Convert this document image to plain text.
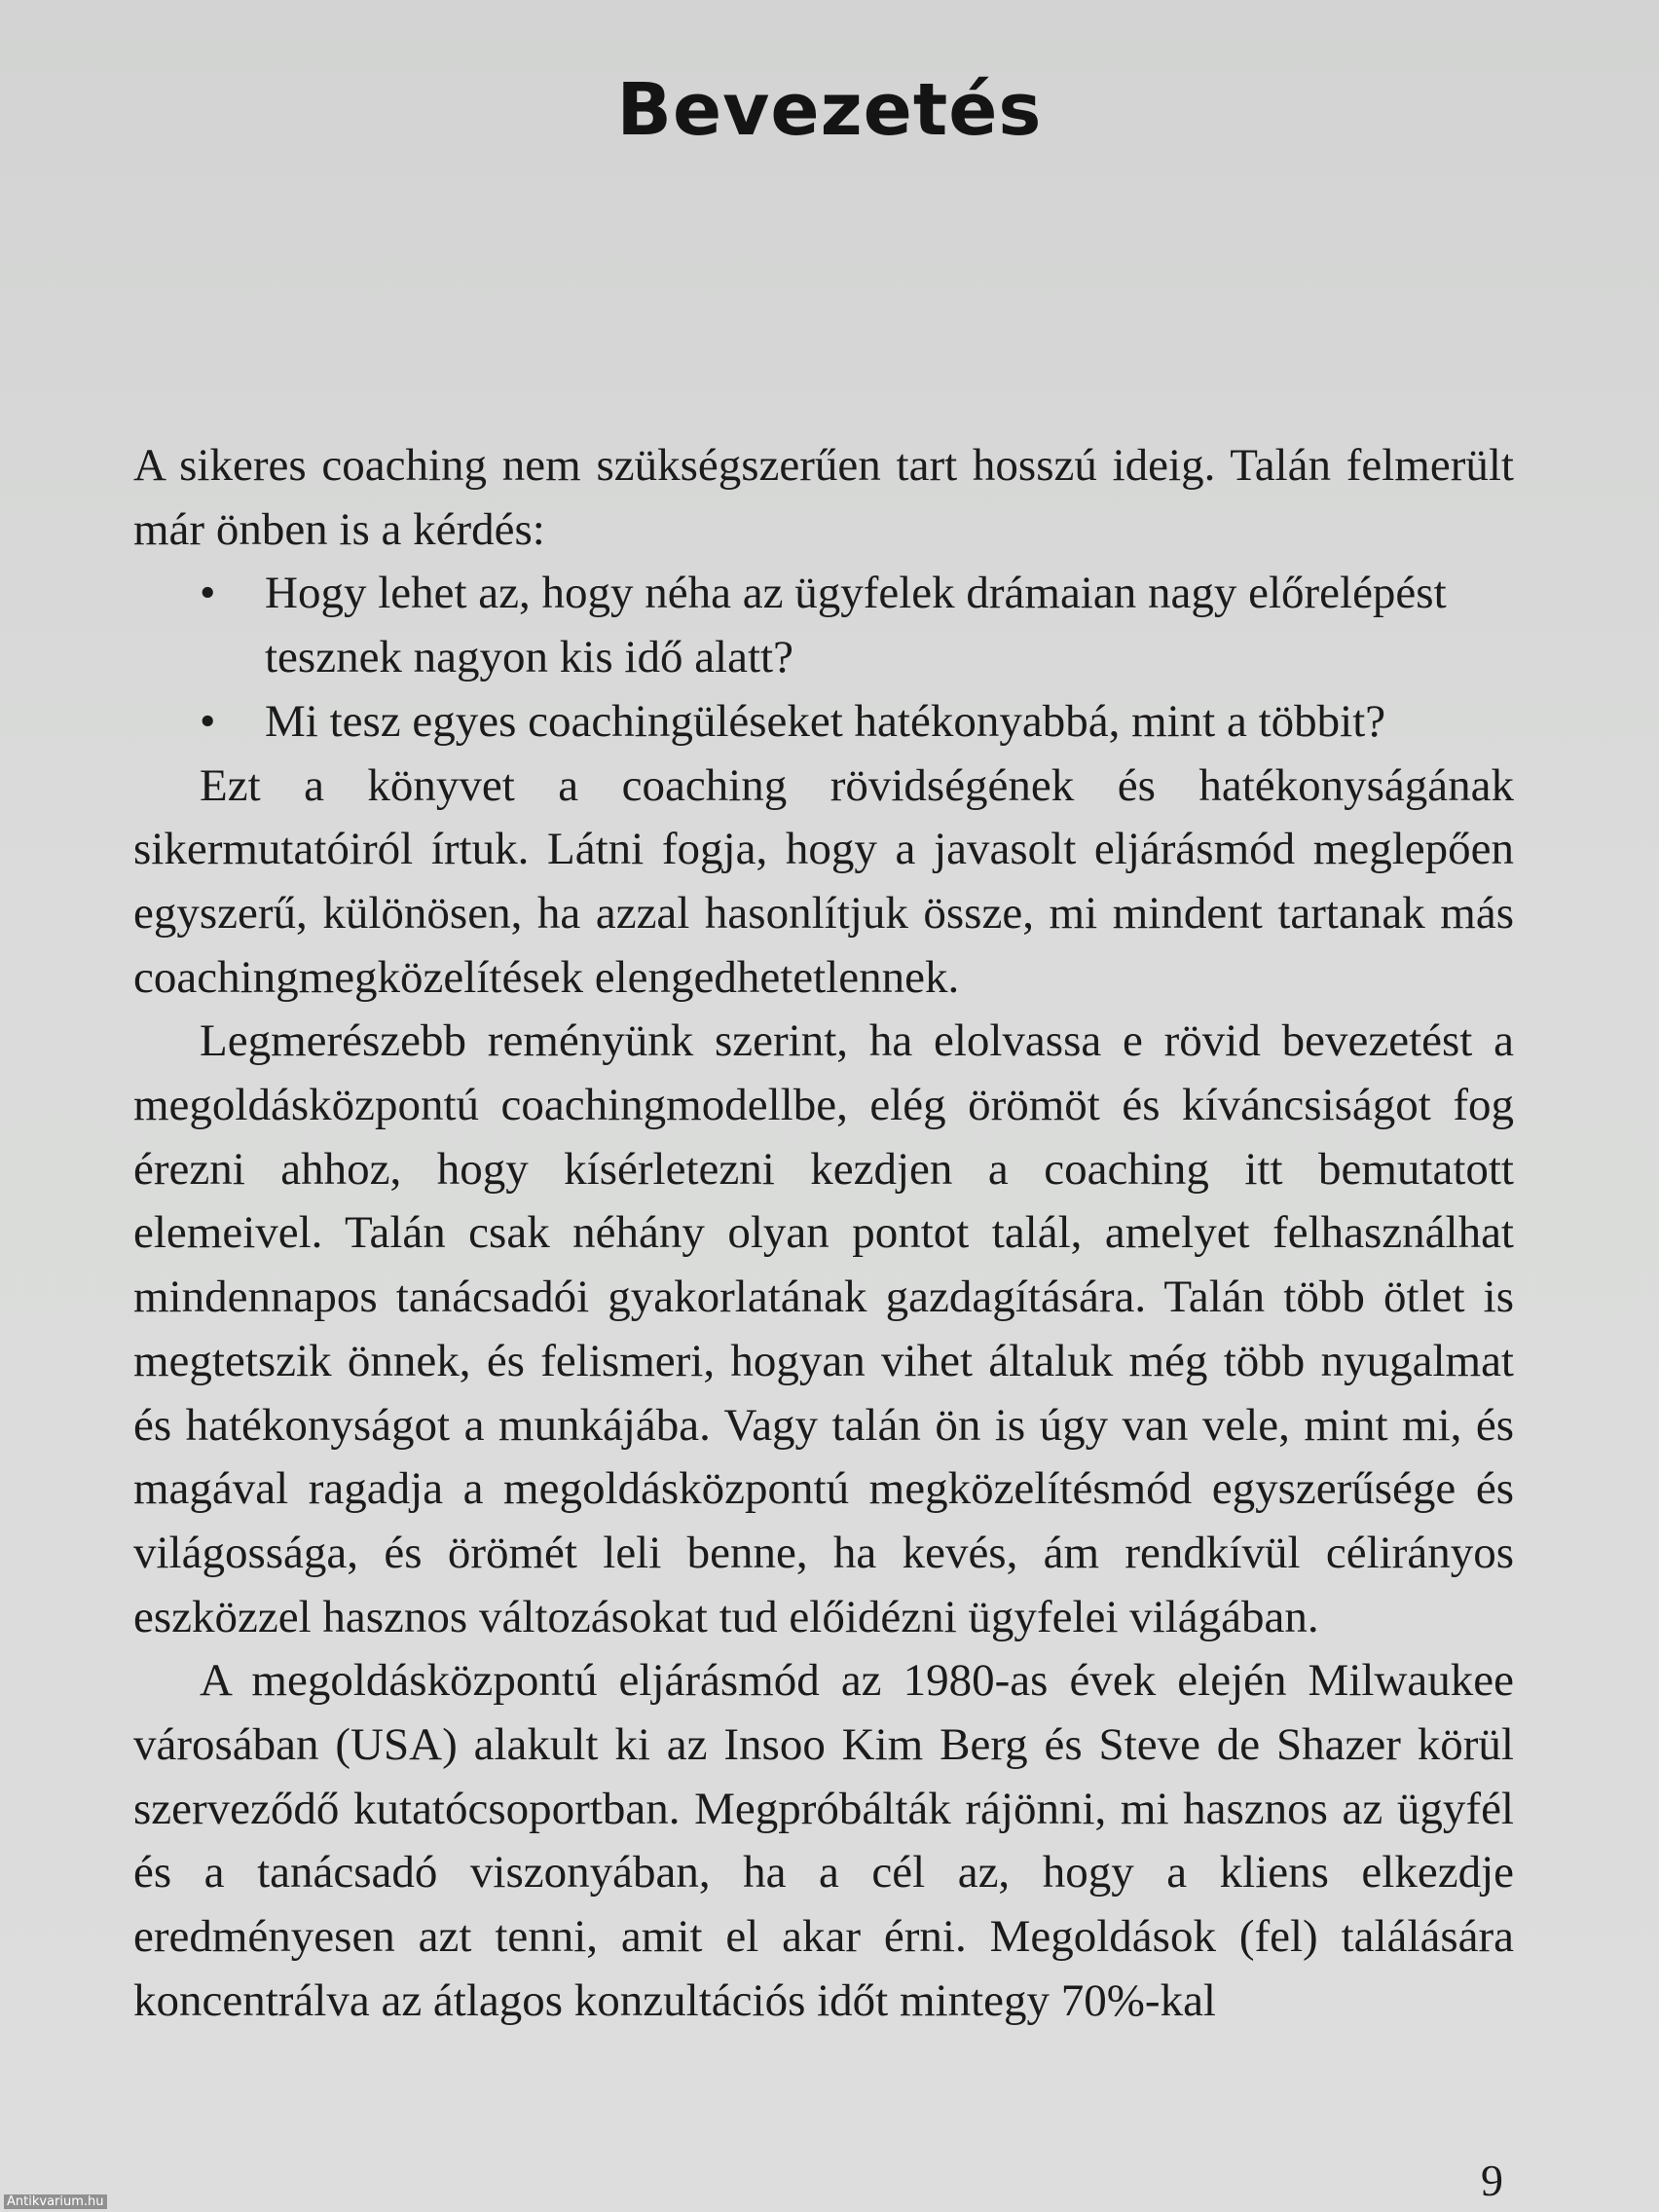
Bevezetés

A sikeres coaching nem szükségszerűen tart hosszú ideig. Talán felmerült már önben is a kérdés:

• Hogy lehet az, hogy néha az ügyfelek drámaian nagy előrelépést tesznek nagyon kis idő alatt?
• Mi tesz egyes coachingüléseket hatékonyabbá, mint a többit?

Ezt a könyvet a coaching rövidségének és hatékonyságának sikermutatóiról írtuk. Látni fogja, hogy a javasolt eljárásmód meglepően egyszerű, különösen, ha azzal hasonlítjuk össze, mi mindent tartanak más coachingmegközelítések elengedhetetlennek.

Legmerészebb reményünk szerint, ha elolvassa e rövid bevezetést a megoldásközpontú coachingmodellbe, elég örömöt és kíváncsiságot fog érezni ahhoz, hogy kísérletezni kezdjen a coaching itt bemutatott elemeivel. Talán csak néhány olyan pontot talál, amelyet felhasználhat mindennapos tanácsadói gyakorlatának gazdagítására. Talán több ötlet is megtetszik önnek, és felismeri, hogyan vihet általuk még több nyugalmat és hatékonyságot a munkájába. Vagy talán ön is úgy van vele, mint mi, és magával ragadja a megoldásközpontú megközelítésmód egyszerűsége és világossága, és örömét leli benne, ha kevés, ám rendkívül célirányos eszközzel hasznos változásokat tud előidézni ügyfelei világában.

A megoldásközpontú eljárásmód az 1980-as évek elején Milwaukee városában (USA) alakult ki az Insoo Kim Berg és Steve de Shazer körül szerveződő kutatócsoportban. Megpróbálták rájönni, mi hasznos az ügyfél és a tanácsadó viszonyában, ha a cél az, hogy a kliens elkezdje eredményesen azt tenni, amit el akar érni. Megoldások (fel) találására koncentrálva az átlagos konzultációs időt mintegy 70%-kal

9
Antikvarium.hu
